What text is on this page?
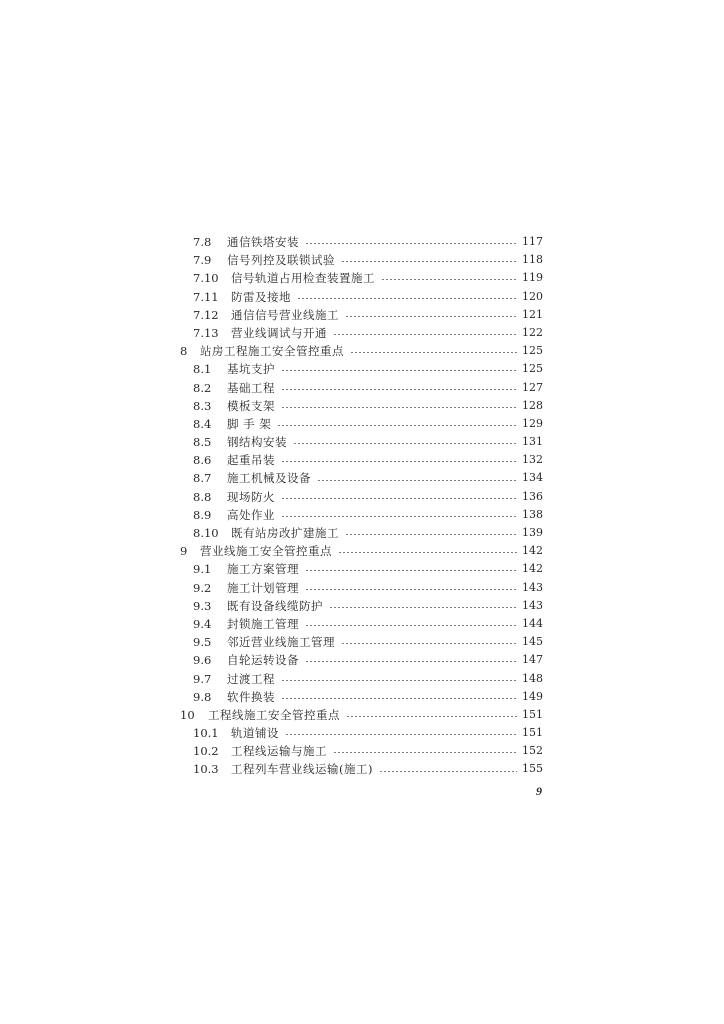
7.8	通信铁塔安装	117
7.9	信号列控及联锁试验	118
7.10	信号轨道占用检查装置施工	119
7.11	防雷及接地	120
7.12	通信信号营业线施工	121
7.13	营业线调试与开通	122
8	站房工程施工安全管控重点	125
8.1	基坑支护	125
8.2	基础工程	127
8.3	模板支架	128
8.4	脚 手 架	129
8.5	钢结构安装	131
8.6	起重吊装	132
8.7	施工机械及设备	134
8.8	现场防火	136
8.9	高处作业	138
8.10	既有站房改扩建施工	139
9	营业线施工安全管控重点	142
9.1	施工方案管理	142
9.2	施工计划管理	143
9.3	既有设备线缆防护	143
9.4	封锁施工管理	144
9.5	邻近营业线施工管理	145
9.6	自轮运转设备	147
9.7	过渡工程	148
9.8	软件换装	149
10	工程线施工安全管控重点	151
10.1	轨道铺设	151
10.2	工程线运输与施工	152
10.3	工程列车营业线运输(施工)	155
9
